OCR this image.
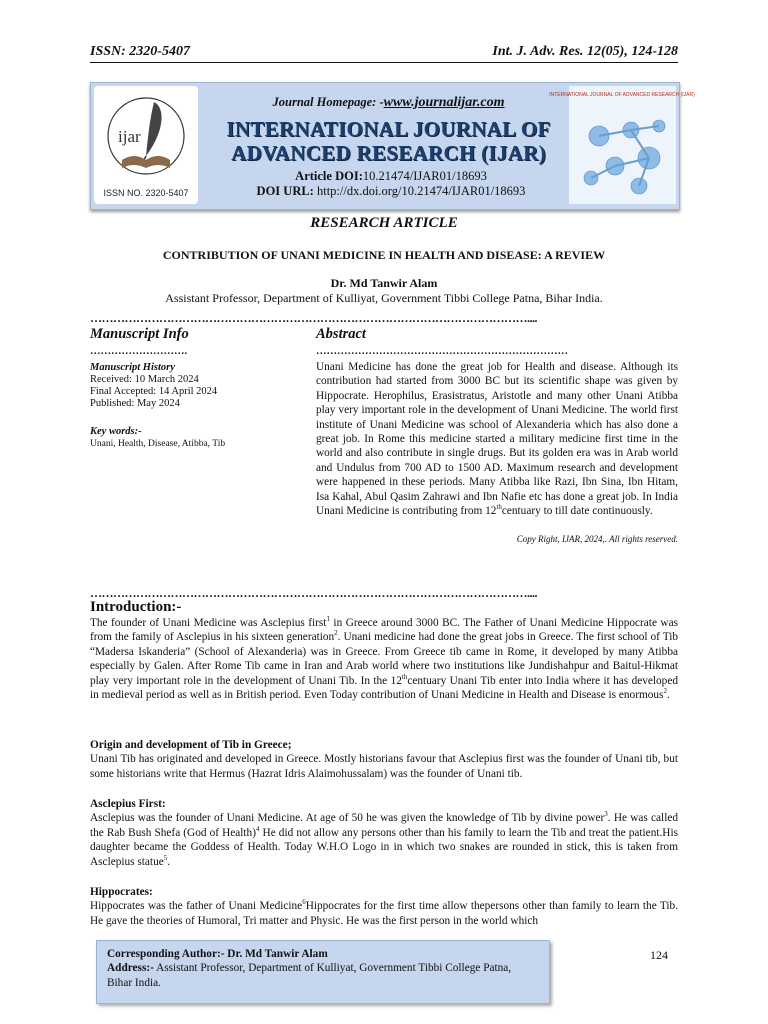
ISSN: 2320-5407	Int. J. Adv. Res. 12(05), 124-128
ijar
ISSN NO. 2320-5407
Journal Homepage: -www.journalijar.com
INTERNATIONAL JOURNAL OF
ADVANCED RESEARCH (IJAR)
Article DOI:10.21474/IJAR01/18693
DOI URL: http://dx.doi.org/10.21474/IJAR01/18693
INTERNATIONAL JOURNAL OF ADVANCED RESEARCH (IJAR)
RESEARCH ARTICLE
CONTRIBUTION OF UNANI MEDICINE IN HEALTH AND DISEASE: A REVIEW
Dr. Md Tanwir Alam
Assistant Professor, Department of Kulliyat, Government Tibbi College Patna, Bihar India.
……………………………………………………………………………………………………....
Manuscript Info
……………………….
Manuscript History
Received: 10 March 2024
Final Accepted: 14 April 2024
Published: May 2024
Key words:-
Unani, Health, Disease, Atibba, Tib
Abstract
………………………………………………………………
Unani Medicine has done the great job for Health and disease. Although its contribution had started from 3000 BC but its scientific shape was given by Hippocrate. Herophilus, Erasistratus, Aristotle and many other Unani Atibba play very important role in the development of Unani Medicine. The world first institute of Unani Medicine was school of Alexanderia which has also done a great job. In Rome this medicine started a military medicine first time in the world and also contribute in single drugs. But its golden era was in Arab world and Undulus from 700 AD to 1500 AD. Maximum research and development were happened in these periods. Many Atibba like Razi, Ibn Sina, Ibn Hitam, Isa Kahal, Abul Qasim Zahrawi and Ibn Nafie etc has done a great job. In India Unani Medicine is contributing from 12thcentuary to till date continuously.
Copy Right, IJAR, 2024,. All rights reserved.
……………………………………………………………………………………………………....
Introduction:-
The founder of Unani Medicine was Asclepius first$^1$ in Greece around 3000 BC. The Father of Unani Medicine Hippocrate was from the family of Asclepius in his sixteen generation$^2$. Unani medicine had done the great jobs in Greece. The first school of Tib “Madersa Iskanderia” (School of Alexanderia) was in Greece. From Greece tib came in Rome, it developed by many Atibba especially by Galen. After Rome Tib came in Iran and Arab world where two institutions like Jundishahpur and Baitul-Hikmat play very important role in the development of Unani Tib. In the 12thcentuary Unani Tib enter into India where it has developed in medieval period as well as in British period. Even Today contribution of Unani Medicine in Health and Disease is enormous$^2$.
Origin and development of Tib in Greece;
Unani Tib has originated and developed in Greece. Mostly historians favour that Asclepius first was the founder of Unani tib, but some historians write that Hermus (Hazrat Idris Alaimohussalam) was the founder of Unani tib.
Asclepius First:
Asclepius was the founder of Unani Medicine. At age of 50 he was given the knowledge of Tib by divine power$^3$. He was called the Rab Bush Shefa (God of Health)$^4$ He did not allow any persons other than his family to learn the Tib and treat the patient.His daughter became the Goddess of Health. Today W.H.O Logo in in which two snakes are rounded in stick, this is taken from Asclepius statue$^5$.
Hippocrates:
Hippocrates was the father of Unani Medicine$^6$Hippocrates for the first time allow thepersons other than family to learn the Tib. He gave the theories of Humoral, Tri matter and Physic. He was the first person in the world which
Corresponding Author:- Dr. Md Tanwir Alam
Address:- Assistant Professor, Department of Kulliyat, Government Tibbi College Patna, Bihar India.
124
